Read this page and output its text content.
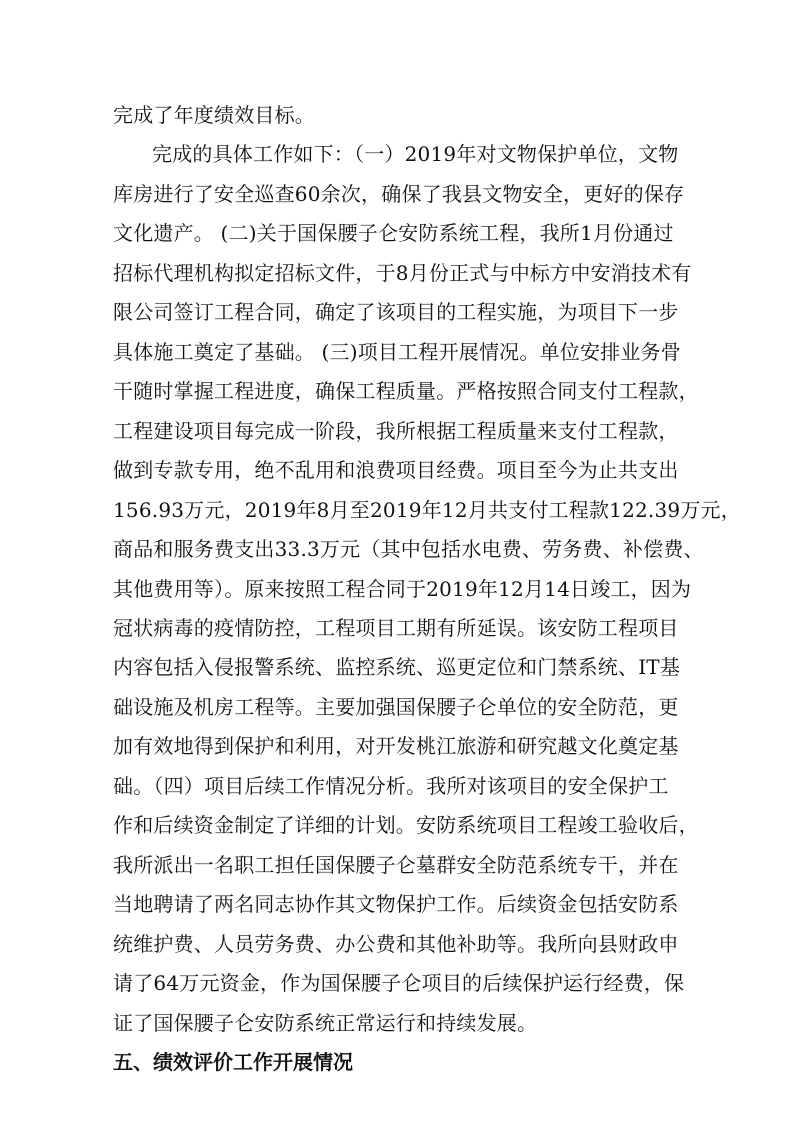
完成了年度绩效目标。
完成的具体工作如下：（一）2019年对文物保护单位，文物
库房进行了安全巡查60余次，确保了我县文物安全，更好的保存
文化遗产。 (二)关于国保腰子仑安防系统工程，我所1月份通过
招标代理机构拟定招标文件，于8月份正式与中标方中安消技术有
限公司签订工程合同，确定了该项目的工程实施，为项目下一步
具体施工奠定了基础。 (三)项目工程开展情况。单位安排业务骨
干随时掌握工程进度，确保工程质量。严格按照合同支付工程款，
工程建设项目每完成一阶段，我所根据工程质量来支付工程款，
做到专款专用，绝不乱用和浪费项目经费。项目至今为止共支出
156.93万元，2019年8月至2019年12月共支付工程款122.39万元，
商品和服务费支出33.3万元（其中包括水电费、劳务费、补偿费、
其他费用等）。原来按照工程合同于2019年12月14日竣工，因为
冠状病毒的疫情防控，工程项目工期有所延误。该安防工程项目
内容包括入侵报警系统、监控系统、巡更定位和门禁系统、IT基
础设施及机房工程等。主要加强国保腰子仑单位的安全防范，更
加有效地得到保护和利用，对开发桃江旅游和研究越文化奠定基
础。（四）项目后续工作情况分析。我所对该项目的安全保护工
作和后续资金制定了详细的计划。安防系统项目工程竣工验收后，
我所派出一名职工担任国保腰子仑墓群安全防范系统专干，并在
当地聘请了两名同志协作其文物保护工作。后续资金包括安防系
统维护费、人员劳务费、办公费和其他补助等。我所向县财政申
请了64万元资金，作为国保腰子仑项目的后续保护运行经费，保
证了国保腰子仑安防系统正常运行和持续发展。
五、绩效评价工作开展情况
